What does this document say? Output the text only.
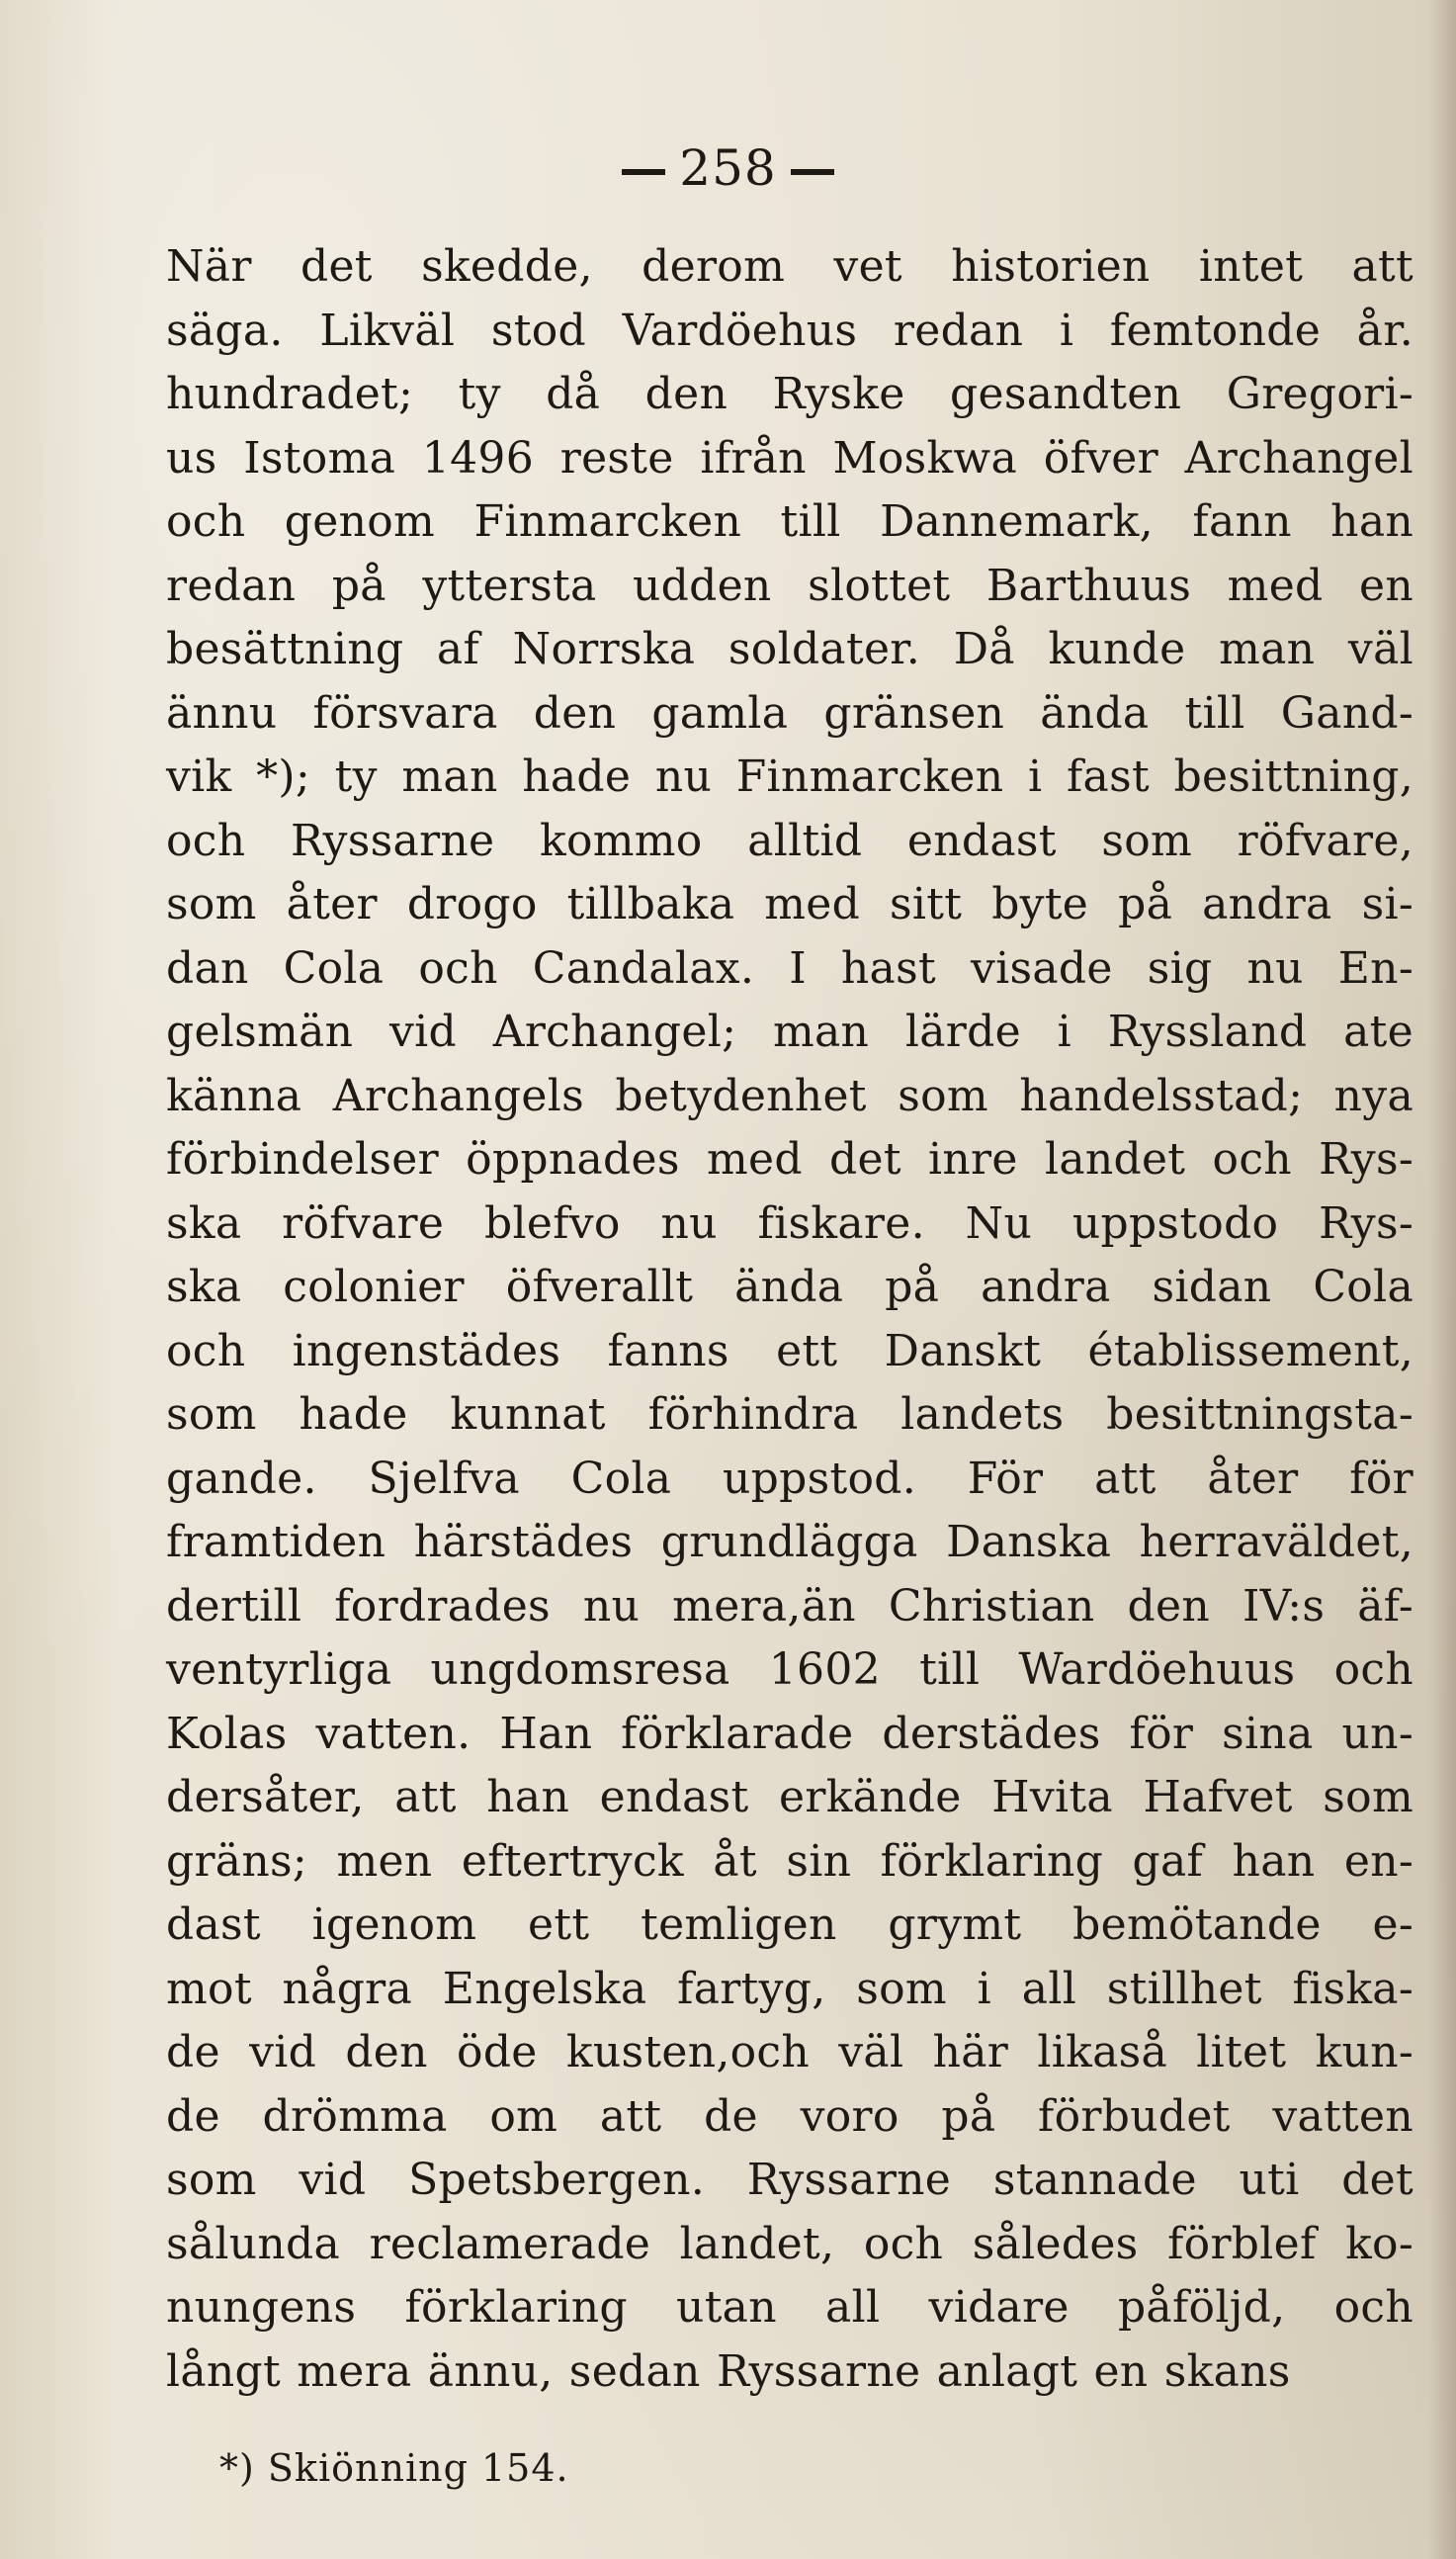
258
När det skedde, derom vet historien intet att
säga. Likväl stod Vardöehus redan i femtonde år.
hundradet; ty då den Ryske gesandten Gregori-
us Istoma 1496 reste ifrån Moskwa öfver Archangel
och genom Finmarcken till Dannemark, fann han
redan på yttersta udden slottet Barthuus med en
besättning af Norrska soldater. Då kunde man väl
ännu försvara den gamla gränsen ända till Gand-
vik *); ty man hade nu Finmarcken i fast besittning,
och Ryssarne kommo alltid endast som röfvare,
som åter drogo tillbaka med sitt byte på andra si-
dan Cola och Candalax. I hast visade sig nu En-
gelsmän vid Archangel; man lärde i Ryssland ate
känna Archangels betydenhet som handelsstad; nya
förbindelser öppnades med det inre landet och Rys-
ska röfvare blefvo nu fiskare. Nu uppstodo Rys-
ska colonier öfverallt ända på andra sidan Cola
och ingenstädes fanns ett Danskt établissement,
som hade kunnat förhindra landets besittningsta-
gande. Sjelfva Cola uppstod. För att åter för
framtiden härstädes grundlägga Danska herraväldet,
dertill fordrades nu mera,än Christian den IV:s äf-
ventyrliga ungdomsresa 1602 till Wardöehuus och
Kolas vatten. Han förklarade derstädes för sina un-
dersåter, att han endast erkände Hvita Hafvet som
gräns; men eftertryck åt sin förklaring gaf han en-
dast igenom ett temligen grymt bemötande e-
mot några Engelska fartyg, som i all stillhet fiska-
de vid den öde kusten,och väl här likaså litet kun-
de drömma om att de voro på förbudet vatten
som vid Spetsbergen. Ryssarne stannade uti det
sålunda reclamerade landet, och således förblef ko-
nungens förklaring utan all vidare påföljd, och
långt mera ännu, sedan Ryssarne anlagt en skans
*) Skiönning 154.
